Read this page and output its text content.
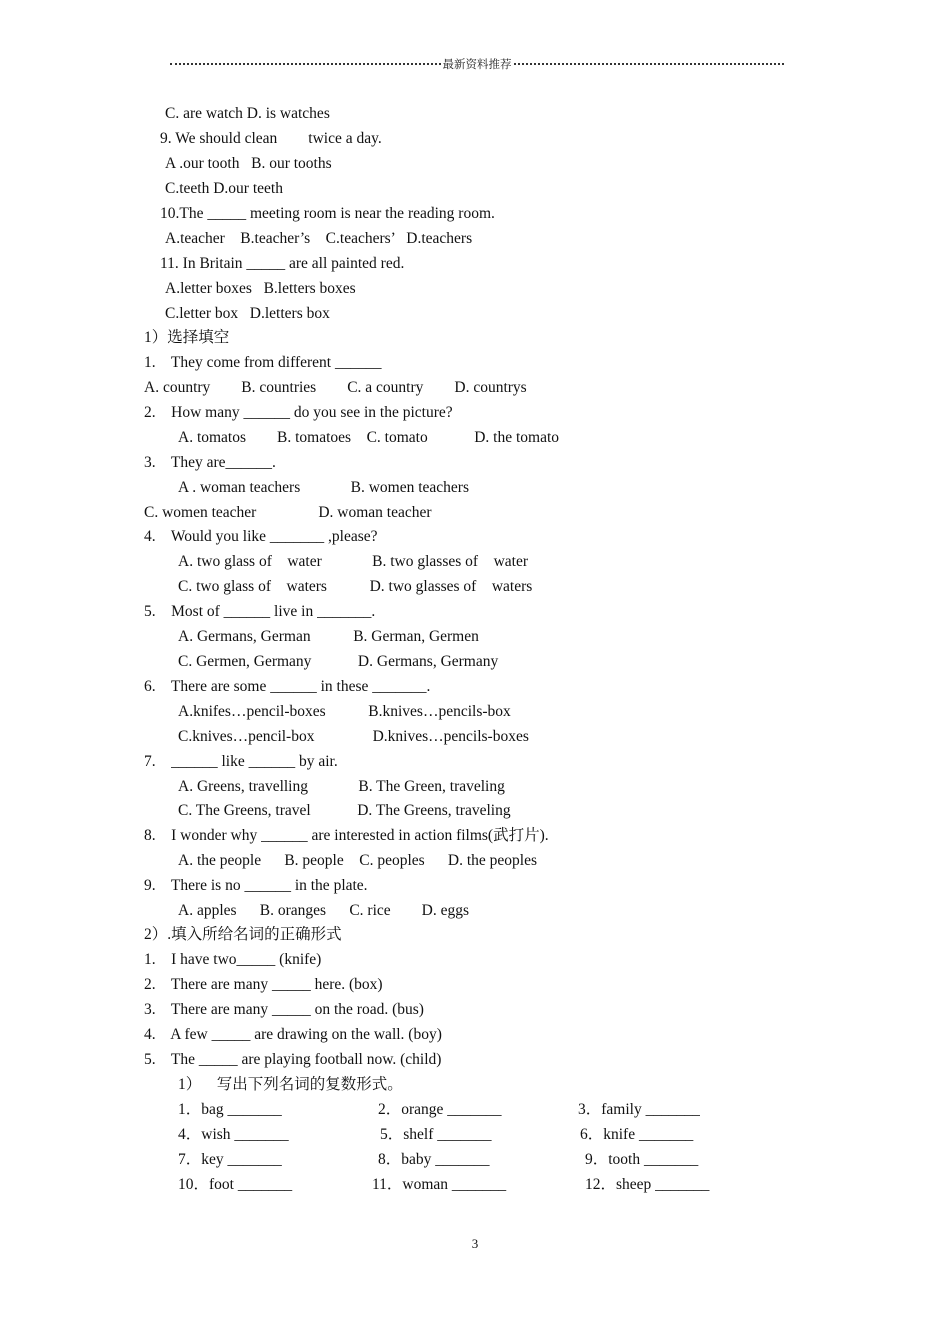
最新资料推荐
C. are watch D. is watches
9. We should clean        twice a day.
A .our tooth   B. our tooths
C.teeth D.our teeth
10.The _____ meeting room is near the reading room.
A.teacher    B.teacher’s    C.teachers’   D.teachers
11. In Britain _____ are all painted red.
A.letter boxes   B.letters boxes
C.letter box   D.letters box
1）选择填空
1.    They come from different ______
A. country        B. countries        C. a country        D. countrys
2.    How many ______ do you see in the picture?
A. tomatos        B. tomatoes    C. tomato            D. the tomato
3.    They are______.
A . woman teachers             B. women teachers
C. women teacher                D. woman teacher
4.    Would you like _______ ,please?
A. two glass of    water             B. two glasses of    water
C. two glass of    waters           D. two glasses of    waters
5.    Most of ______ live in _______.
A. Germans, German           B. German, Germen
C. Germen, Germany            D. Germans, Germany
6.    There are some ______ in these _______.
A.knifes…pencil-boxes           B.knives…pencils-box
C.knives…pencil-box               D.knives…pencils-boxes
7.    ______ like ______ by air.
A. Greens, travelling             B. The Green, traveling
C. The Greens, travel            D. The Greens, traveling
8.    I wonder why ______ are interested in action films(武打片).
A. the people      B. people    C. peoples      D. the peoples
9.    There is no ______ in the plate.
A. apples      B. oranges      C. rice        D. eggs
2）.填入所给名词的正确形式
1.    I have two_____ (knife)
2.    There are many _____ here. (box)
3.    There are many _____ on the road. (bus)
4.    A few _____ are drawing on the wall. (boy)
5.    The _____ are playing football now. (child)
1）    写出下列名词的复数形式。
1．bag _______	2．orange _______	3．family _______
4．wish _______	5．shelf _______	6．knife _______
7．key _______	8．baby _______	9．tooth _______
10．foot _______	11．woman _______	12．sheep _______
3
